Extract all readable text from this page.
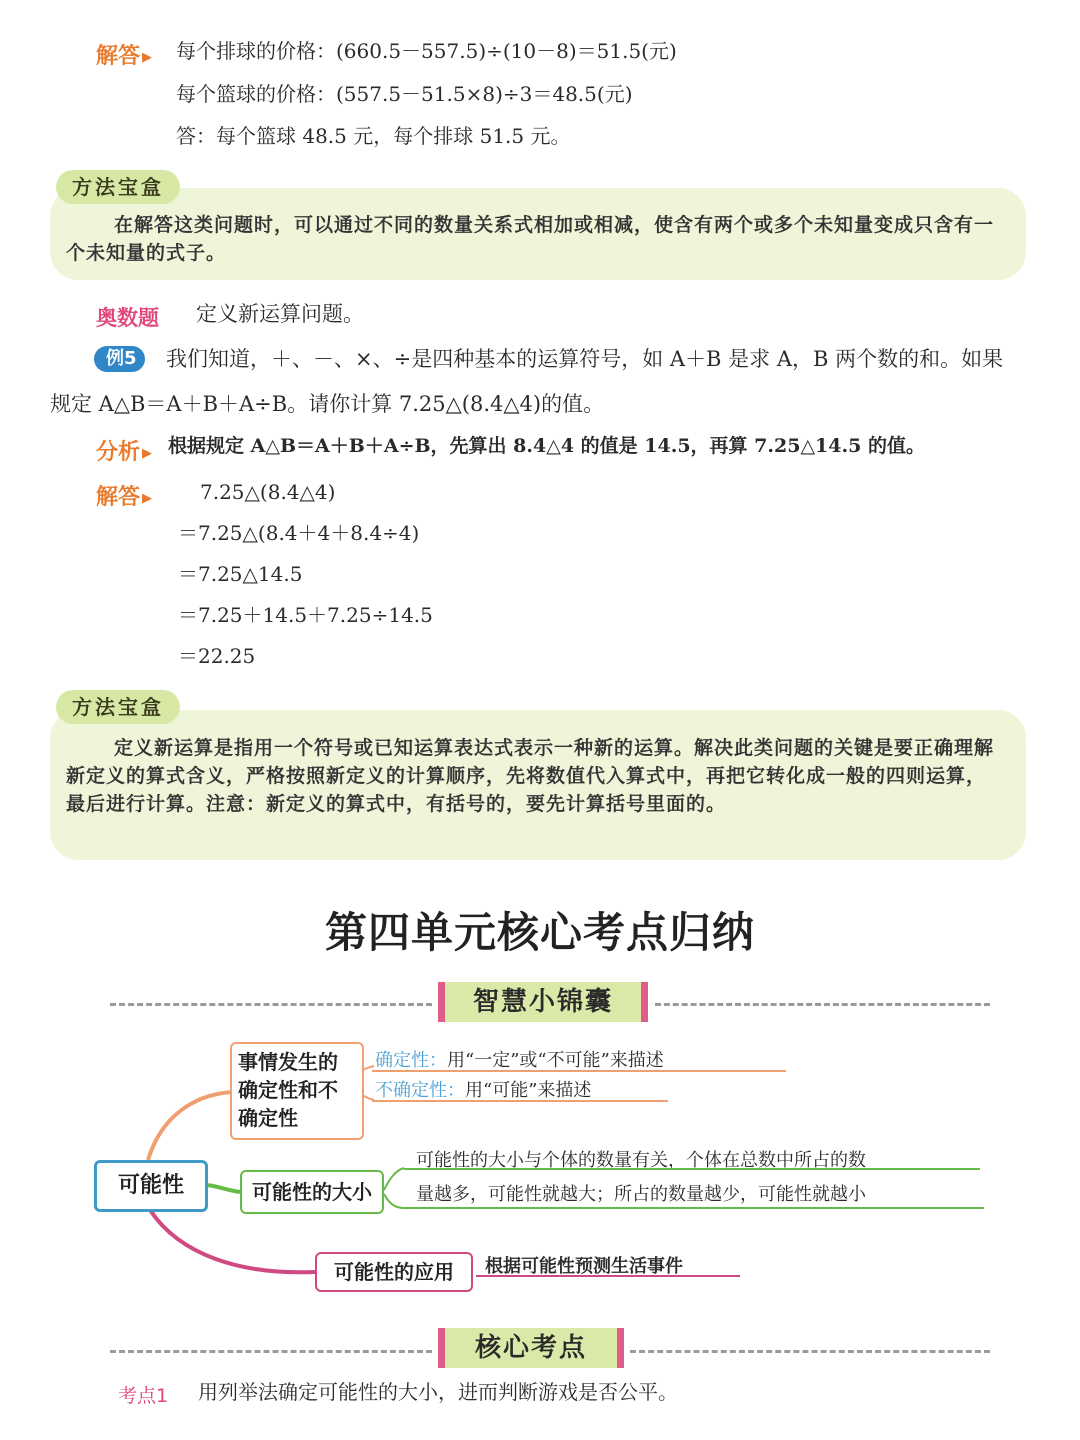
解答 ▶ 每个排球的价格：(660.5－557.5)÷(10－8)＝51.5(元)
每个篮球的价格：(557.5－51.5×8)÷3＝48.5(元)
答：每个篮球 48.5 元，每个排球 51.5 元。
在解答这类问题时，可以通过不同的数量关系式相加或相减，使含有两个或多个未知量变成只含有一个未知量的式子。
方法宝盒
奥数题 定义新运算问题。
例5	我们知道，＋、－、×、÷是四种基本的运算符号，如 A＋B 是求 A，B 两个数的和。如果
规定 A△B＝A＋B＋A÷B。请你计算 7.25△(8.4△4)的值。
分析 ▶ 根据规定 A△B＝A＋B＋A÷B，先算出 8.4△4 的值是 14.5，再算 7.25△14.5 的值。
解答 ▶ 7.25△(8.4△4)
＝7.25△(8.4＋4＋8.4÷4)
＝7.25△14.5
＝7.25＋14.5＋7.25÷14.5
＝22.25
定义新运算是指用一个符号或已知运算表达式表示一种新的运算。解决此类问题的关键是要正确理解新定义的算式含义，严格按照新定义的计算顺序，先将数值代入算式中，再把它转化成一般的四则运算，最后进行计算。注意：新定义的算式中，有括号的，要先计算括号里面的。
方法宝盒
第四单元核心考点归纳
智慧小锦囊
可能性
事情发生的
确定性和不
确定性
确定性：用“一定”或“不可能”来描述
不确定性：用“可能”来描述
可能性的大小
可能性的大小与个体的数量有关，个体在总数中所占的数
量越多，可能性就越大；所占的数量越少，可能性就越小
可能性的应用	根据可能性预测生活事件
核心考点
考点1 用列举法确定可能性的大小，进而判断游戏是否公平。
